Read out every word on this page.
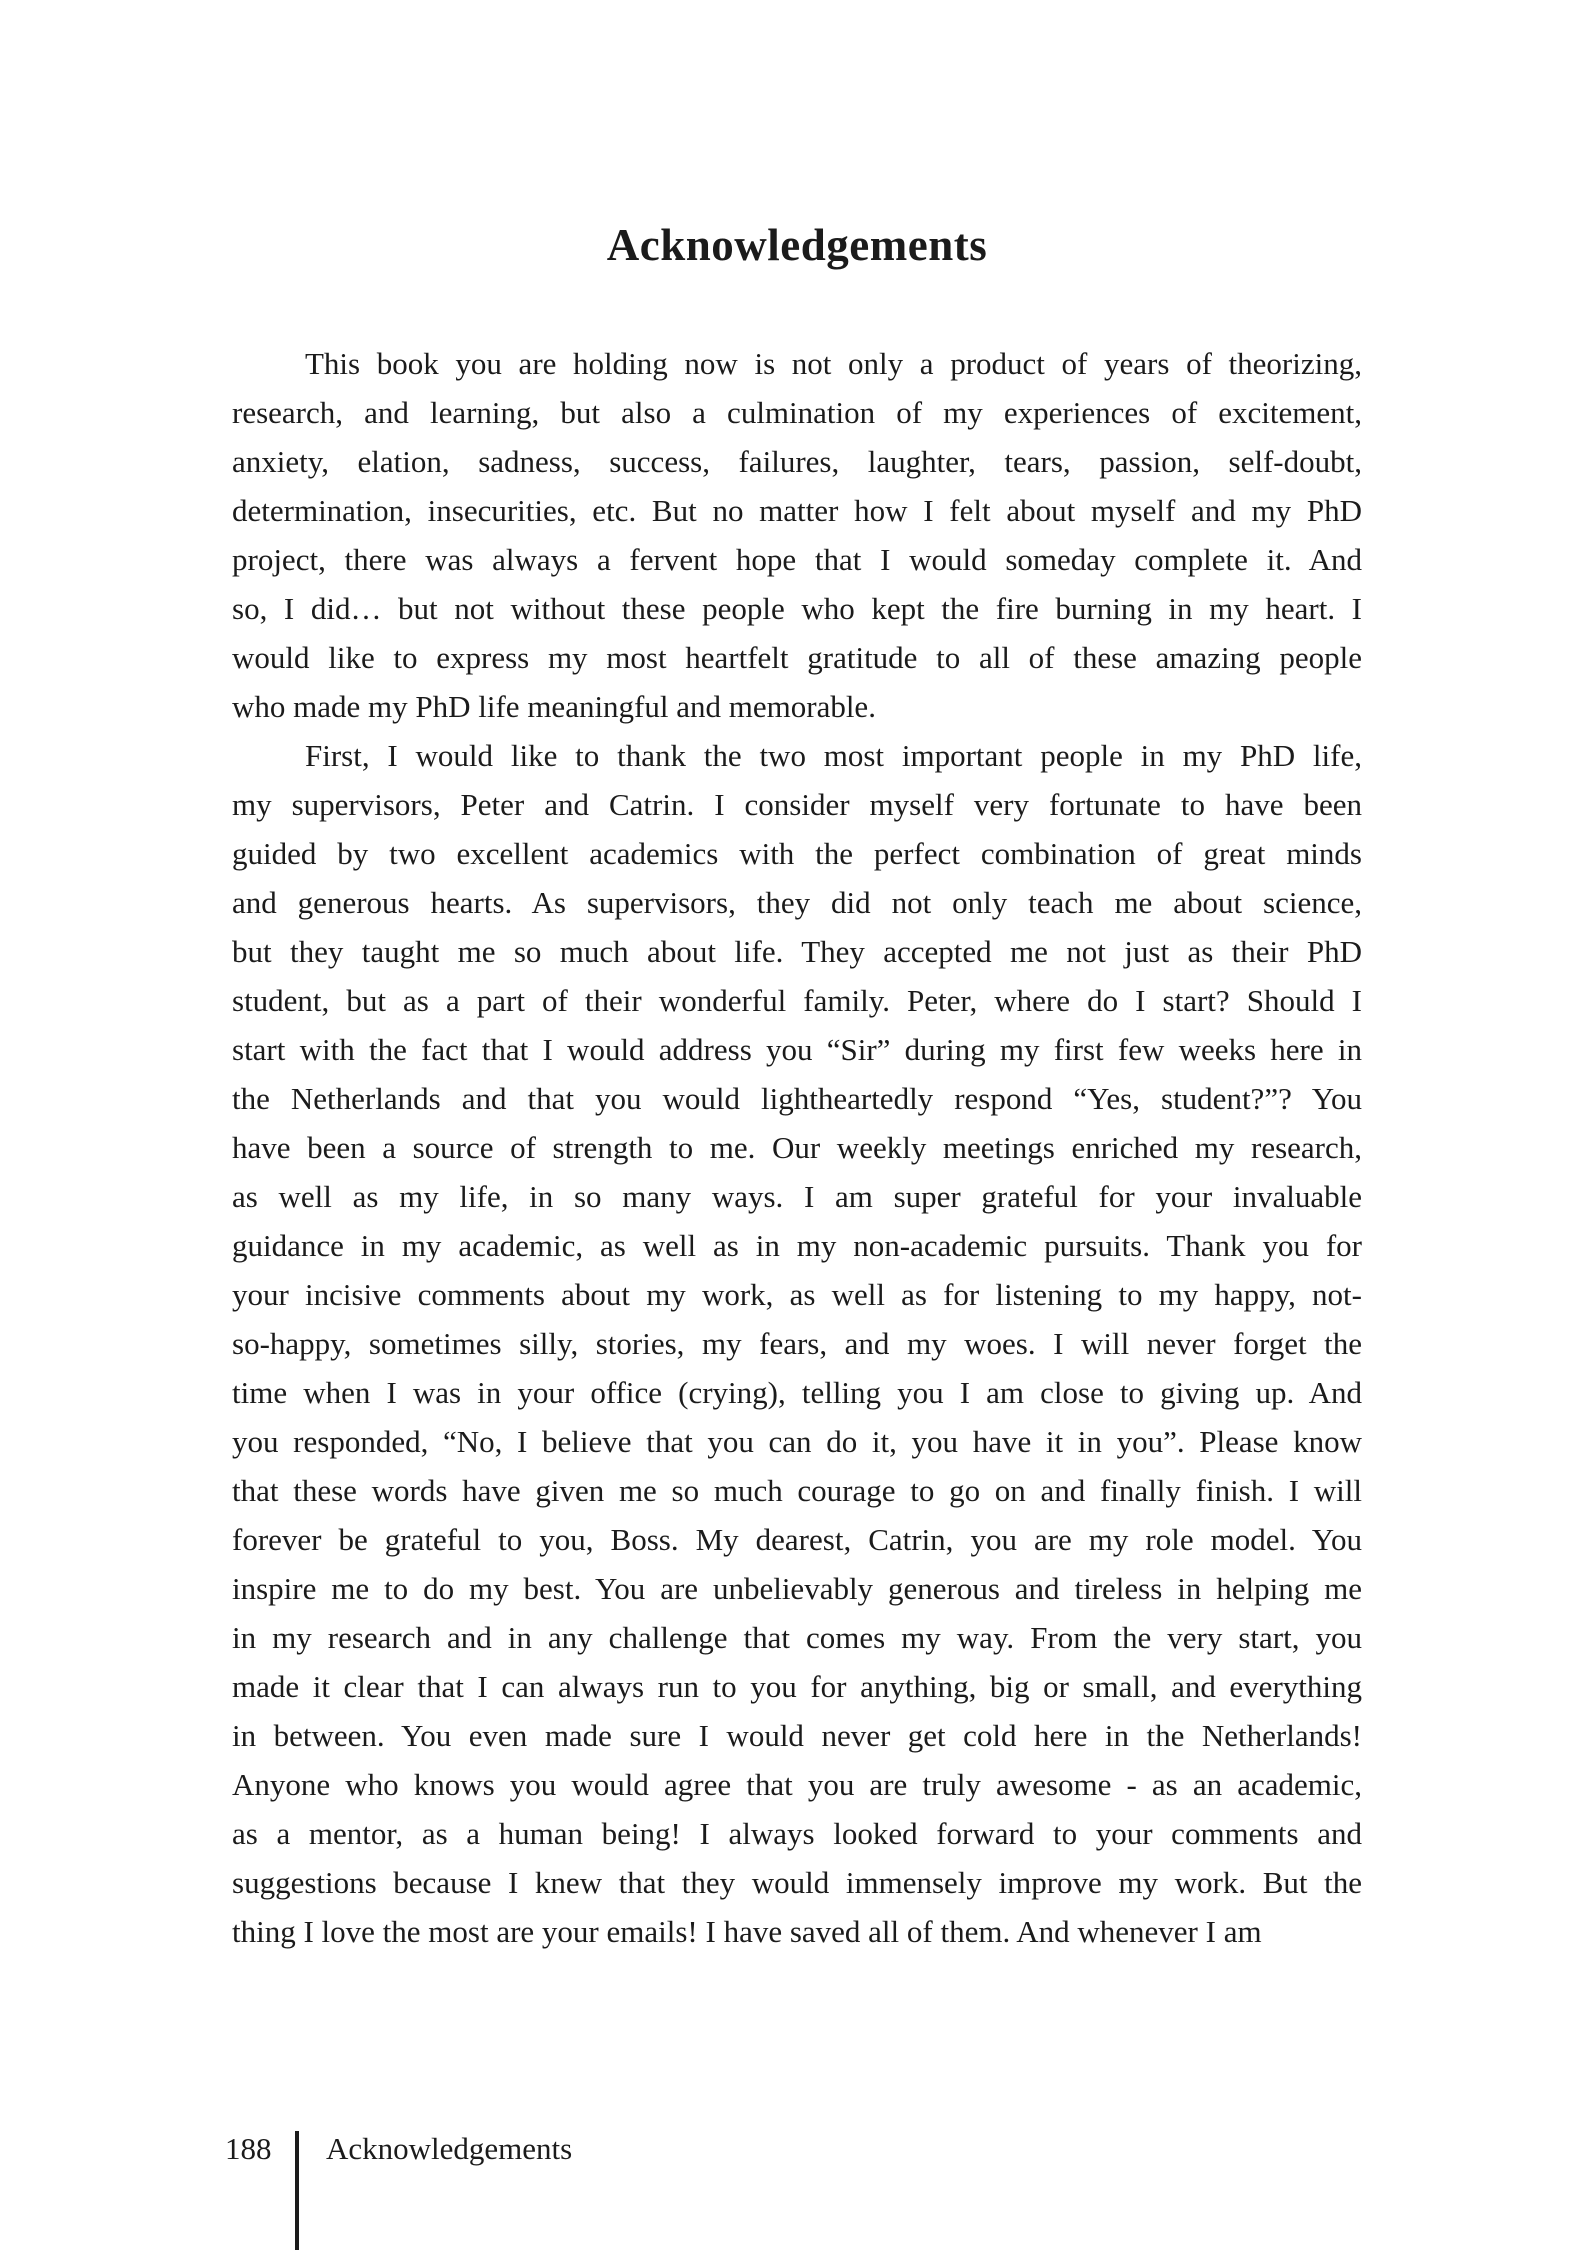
Acknowledgements
This book you are holding now is not only a product of years of theorizing,
research, and learning, but also a culmination of my experiences of excitement,
anxiety, elation, sadness, success, failures, laughter, tears, passion, self-doubt,
determination, insecurities, etc. But no matter how I felt about myself and my PhD
project, there was always a fervent hope that I would someday complete it. And
so, I did… but not without these people who kept the fire burning in my heart. I
would like to express my most heartfelt gratitude to all of these amazing people
who made my PhD life meaningful and memorable.
First, I would like to thank the two most important people in my PhD life,
my supervisors, Peter and Catrin. I consider myself very fortunate to have been
guided by two excellent academics with the perfect combination of great minds
and generous hearts. As supervisors, they did not only teach me about science,
but they taught me so much about life. They accepted me not just as their PhD
student, but as a part of their wonderful family. Peter, where do I start? Should I
start with the fact that I would address you “Sir” during my first few weeks here in
the Netherlands and that you would lightheartedly respond “Yes, student?”? You
have been a source of strength to me. Our weekly meetings enriched my research,
as well as my life, in so many ways. I am super grateful for your invaluable
guidance in my academic, as well as in my non-academic pursuits. Thank you for
your incisive comments about my work, as well as for listening to my happy, not-
so-happy, sometimes silly, stories, my fears, and my woes. I will never forget the
time when I was in your office (crying), telling you I am close to giving up. And
you responded, “No, I believe that you can do it, you have it in you”. Please know
that these words have given me so much courage to go on and finally finish. I will
forever be grateful to you, Boss. My dearest, Catrin, you are my role model. You
inspire me to do my best. You are unbelievably generous and tireless in helping me
in my research and in any challenge that comes my way. From the very start, you
made it clear that I can always run to you for anything, big or small, and everything
in between. You even made sure I would never get cold here in the Netherlands!
Anyone who knows you would agree that you are truly awesome - as an academic,
as a mentor, as a human being! I always looked forward to your comments and
suggestions because I knew that they would immensely improve my work. But the
thing I love the most are your emails! I have saved all of them. And whenever I am
188 Acknowledgements
